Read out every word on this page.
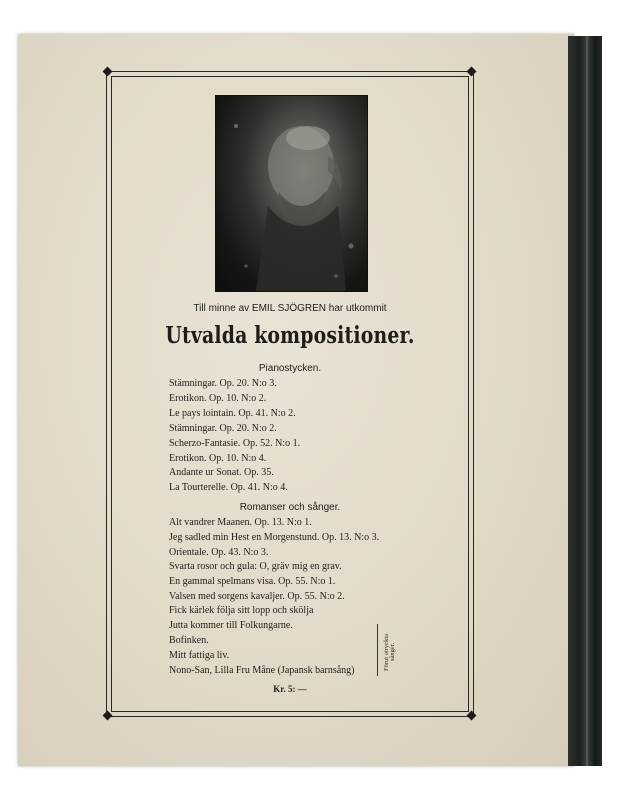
Till minne av EMIL SJÖGREN har utkommit
Utvalda kompositioner.
Pianostycken.
Stämningar. Op. 20. N:o 3.
Erotikon. Op. 10. N:o 2.
Le pays lointain. Op. 41. N:o 2.
Stämningar. Op. 20. N:o 2.
Scherzo-Fantasie. Op. 52. N:o 1.
Erotikon. Op. 10. N:o 4.
Andante ur Sonat. Op. 35.
La Tourterelle. Op. 41. N:o 4.
Romanser och sånger.
Alt vandrer Maanen. Op. 13. N:o 1.
Jeg sadled min Hest en Morgenstund. Op. 13. N:o 3.
Orientale. Op. 43. N:o 3.
Svarta rosor och gula: O, gräv mig en grav.
En gammal spelmans visa. Op. 55. N:o 1.
Valsen med sorgens kavaljer. Op. 55. N:o 2.
Fick kärlek följa sitt lopp och skölja
Jutta kommer till Folkungarne.
Bofinken.
Mitt fattiga liv.
Nono-San, Lilla Fru Måne (Japansk barnsång)	Förut otryckta sånger.
Kr. 5: —
